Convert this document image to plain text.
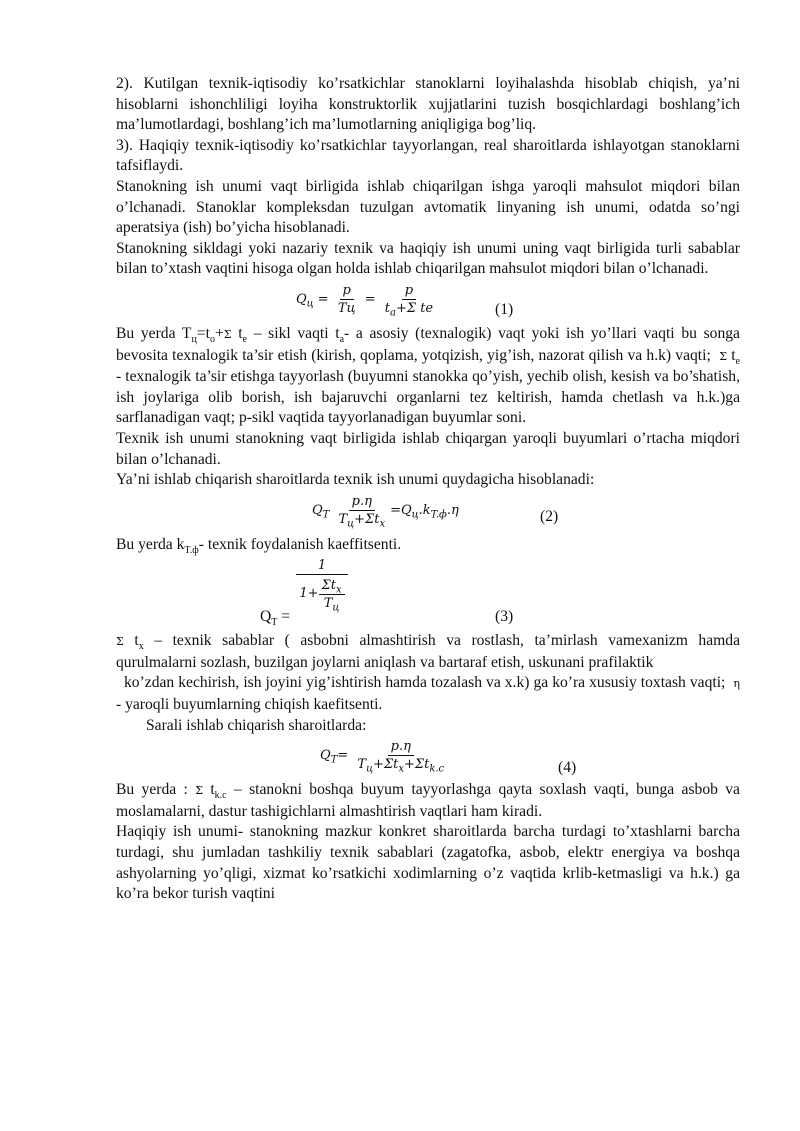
2). Kutilgan texnik-iqtisodiy ko’rsatkichlar stanoklarni loyihalashda hisoblab chiqish, ya’ni hisoblarni ishonchliligi loyiha konstruktorlik xujjatlarini tuzish bosqichlardagi boshlang’ich ma’lumotlardagi, boshlang’ich ma’lumotlarning aniqligiga bog’liq.

3). Haqiqiy texnik-iqtisodiy ko’rsatkichlar tayyorlangan, real sharoitlarda ishlayotgan stanoklarni tafsiflaydi.

Stanokning ish unumi vaqt birligida ishlab chiqarilgan ishga yaroqli mahsulot miqdori bilan o’lchanadi. Stanoklar kompleksdan tuzulgan avtomatik linyaning ish unumi, odatda so’ngi aperatsiya (ish) bo’yicha hisoblanadi.

Stanokning sikldagi yoki nazariy texnik va haqiqiy ish unumi uning vaqt birligida turli sabablar bilan to’xtash vaqtini hisoga olgan holda ishlab chiqarilgan mahsulot miqdori bilan o’lchanadi.

$Q_ц = \frac{p}{Tц} = \frac{p}{t_a+\Sigma te}$	(1)

Bu yerda $T_ц=t_o+\Sigma$ $t_e$ – sikl vaqti $t_a-$ a asosiy (texnalogik) vaqt yoki ish yo’llari vaqti bu songa bevosita texnalogik ta’sir etish (kirish, qoplama, yotqizish, yig’ish, nazorat qilish va h.k) vaqti; Σ $t_e$ - texnalogik ta’sir etishga tayyorlash (buyumni stanokka qo’yish, yechib olish, kesish va bo’shatish, ish joylariga olib borish, ish bajaruvchi organlarni tez keltirish, hamda chetlash va h.k.)ga sarflanadigan vaqt; p-sikl vaqtida tayyorlanadigan buyumlar soni.

Texnik ish unumi stanokning vaqt birligida ishlab chiqargan yaroqli buyumlari o’rtacha miqdori bilan o’lchanadi.

Ya’ni ishlab chiqarish sharoitlarda texnik ish unumi quydagicha hisoblanadi:

$Q_T \frac{p.\eta}{T_ц+\Sigma t_x} =Q_ц.k_{T.ф}.\eta$	(2)

Bu yerda $k_{T.ф}-$ texnik foydalanish kaeffitsenti.

1
$1+ \frac{\Sigma t_x}{T_ц}$
$Q_T$ =	(3)

Σ $t_x$ – texnik sabablar ( asbobni almashtirish va rostlash, ta’mirlash vamexanizm hamda qurulmalarni sozlash, buzilgan joylarni aniqlash va bartaraf etish, uskunani prafilaktik

ko’zdan kechirish, ish joyini yig’ishtirish hamda tozalash va x.k) ga ko’ra xususiy toxtash vaqti; η - yaroqli buyumlarning chiqish kaefitsenti.

Sarali ishlab chiqarish sharoitlarda:

$Q_T= \frac{p.\eta}{T_ц+\Sigma t_x+\Sigma t_{k.c}}$	(4)

Bu yerda : Σ $t_{k.c}$ – stanokni boshqa buyum tayyorlashga qayta soxlash vaqti, bunga asbob va moslamalarni, dastur tashigichlarni almashtirish vaqtlari ham kiradi.

Haqiqiy ish unumi- stanokning mazkur konkret sharoitlarda barcha turdagi to’xtashlarni barcha turdagi, shu jumladan tashkiliy texnik sabablari (zagatofka, asbob, elektr energiya va boshqa ashyolarning yo’qligi, xizmat ko’rsatkichi xodimlarning o’z vaqtida krlib-ketmasligi va h.k.) ga ko’ra bekor turish vaqtini
